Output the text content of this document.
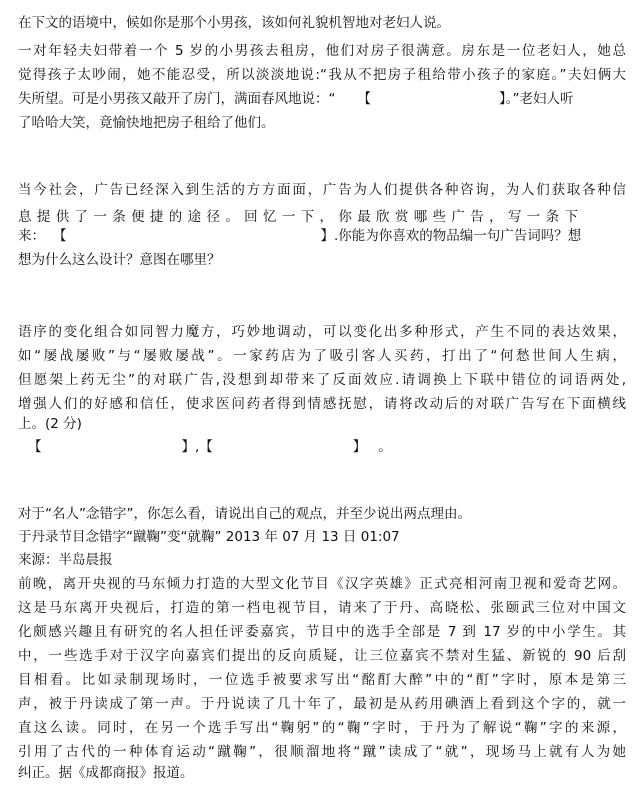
在下文的语境中，候如你是那个小男孩，该如何礼貌机智地对老妇人说。
一对年轻夫妇带着一个 5 岁的小男孩去租房，他们对房子很满意。房东是一位老妇人，她总
觉得孩子太吵闹，她不能忍受，所以淡淡地说:“我从不把房子租给带小孩子的家庭。”夫妇俩大
失所望。可是小男孩又敲开了房门，满面春风地说：“ 【	】。”老妇人听
了哈哈大笑，竟愉快地把房子租给了他们。
当今社会，广告已经深入到生活的方方面面，广告为人们提供各种咨询，为人们获取各种信
息提供了一条便捷的途径。回忆一下，你最欣赏哪些广告，写一条下
来： 【	】.你能为你喜欢的物品编一句广告词吗？想
想为什么这么设计？意图在哪里？
语序的变化组合如同智力魔方，巧妙地调动，可以变化出多种形式，产生不同的表达效果，
如“屡战屡败”与“屡败屡战”。一家药店为了吸引客人买药，打出了“何愁世间人生病，
但愿架上药无尘”的对联广告,没想到却带来了反面效应.请调换上下联中错位的词语两处,
增强人们的好感和信任，使求医问药者得到情感抚慰，请将改动后的对联广告写在下面横线
上。(2 分)
【	】,【	】 。
对于“名人”念错字”，你怎么看，请说出自己的观点，并至少说出两点理由。
于丹录节目念错字“蹴鞠”变“就鞠” 2013 年 07 月 13 日 01:07
来源：半岛晨报
前晚，离开央视的马东倾力打造的大型文化节目《汉字英雄》正式亮相河南卫视和爱奇艺网。
这是马东离开央视后，打造的第一档电视节目，请来了于丹、高晓松、张颐武三位对中国文
化颇感兴趣且有研究的名人担任评委嘉宾，节目中的选手全部是 7 到 17 岁的中小学生。其
中，一些选手对于汉字向嘉宾们提出的反向质疑，让三位嘉宾不禁对生猛、新锐的 90 后刮
目相看。比如录制现场时，一位选手被要求写出“酩酊大醉”中的“酊”字时，原本是第三
声，被于丹读成了第一声。于丹说读了几十年了，最初是从药用碘酒上看到这个字的，就一
直这么读。同时，在另一个选手写出“鞠躬”的“鞠”字时，于丹为了解说“鞠”字的来源，
引用了古代的一种体育运动“蹴鞠”，很顺溜地将“蹴”读成了“就”，现场马上就有人为她
纠正。据《成都商报》报道。
